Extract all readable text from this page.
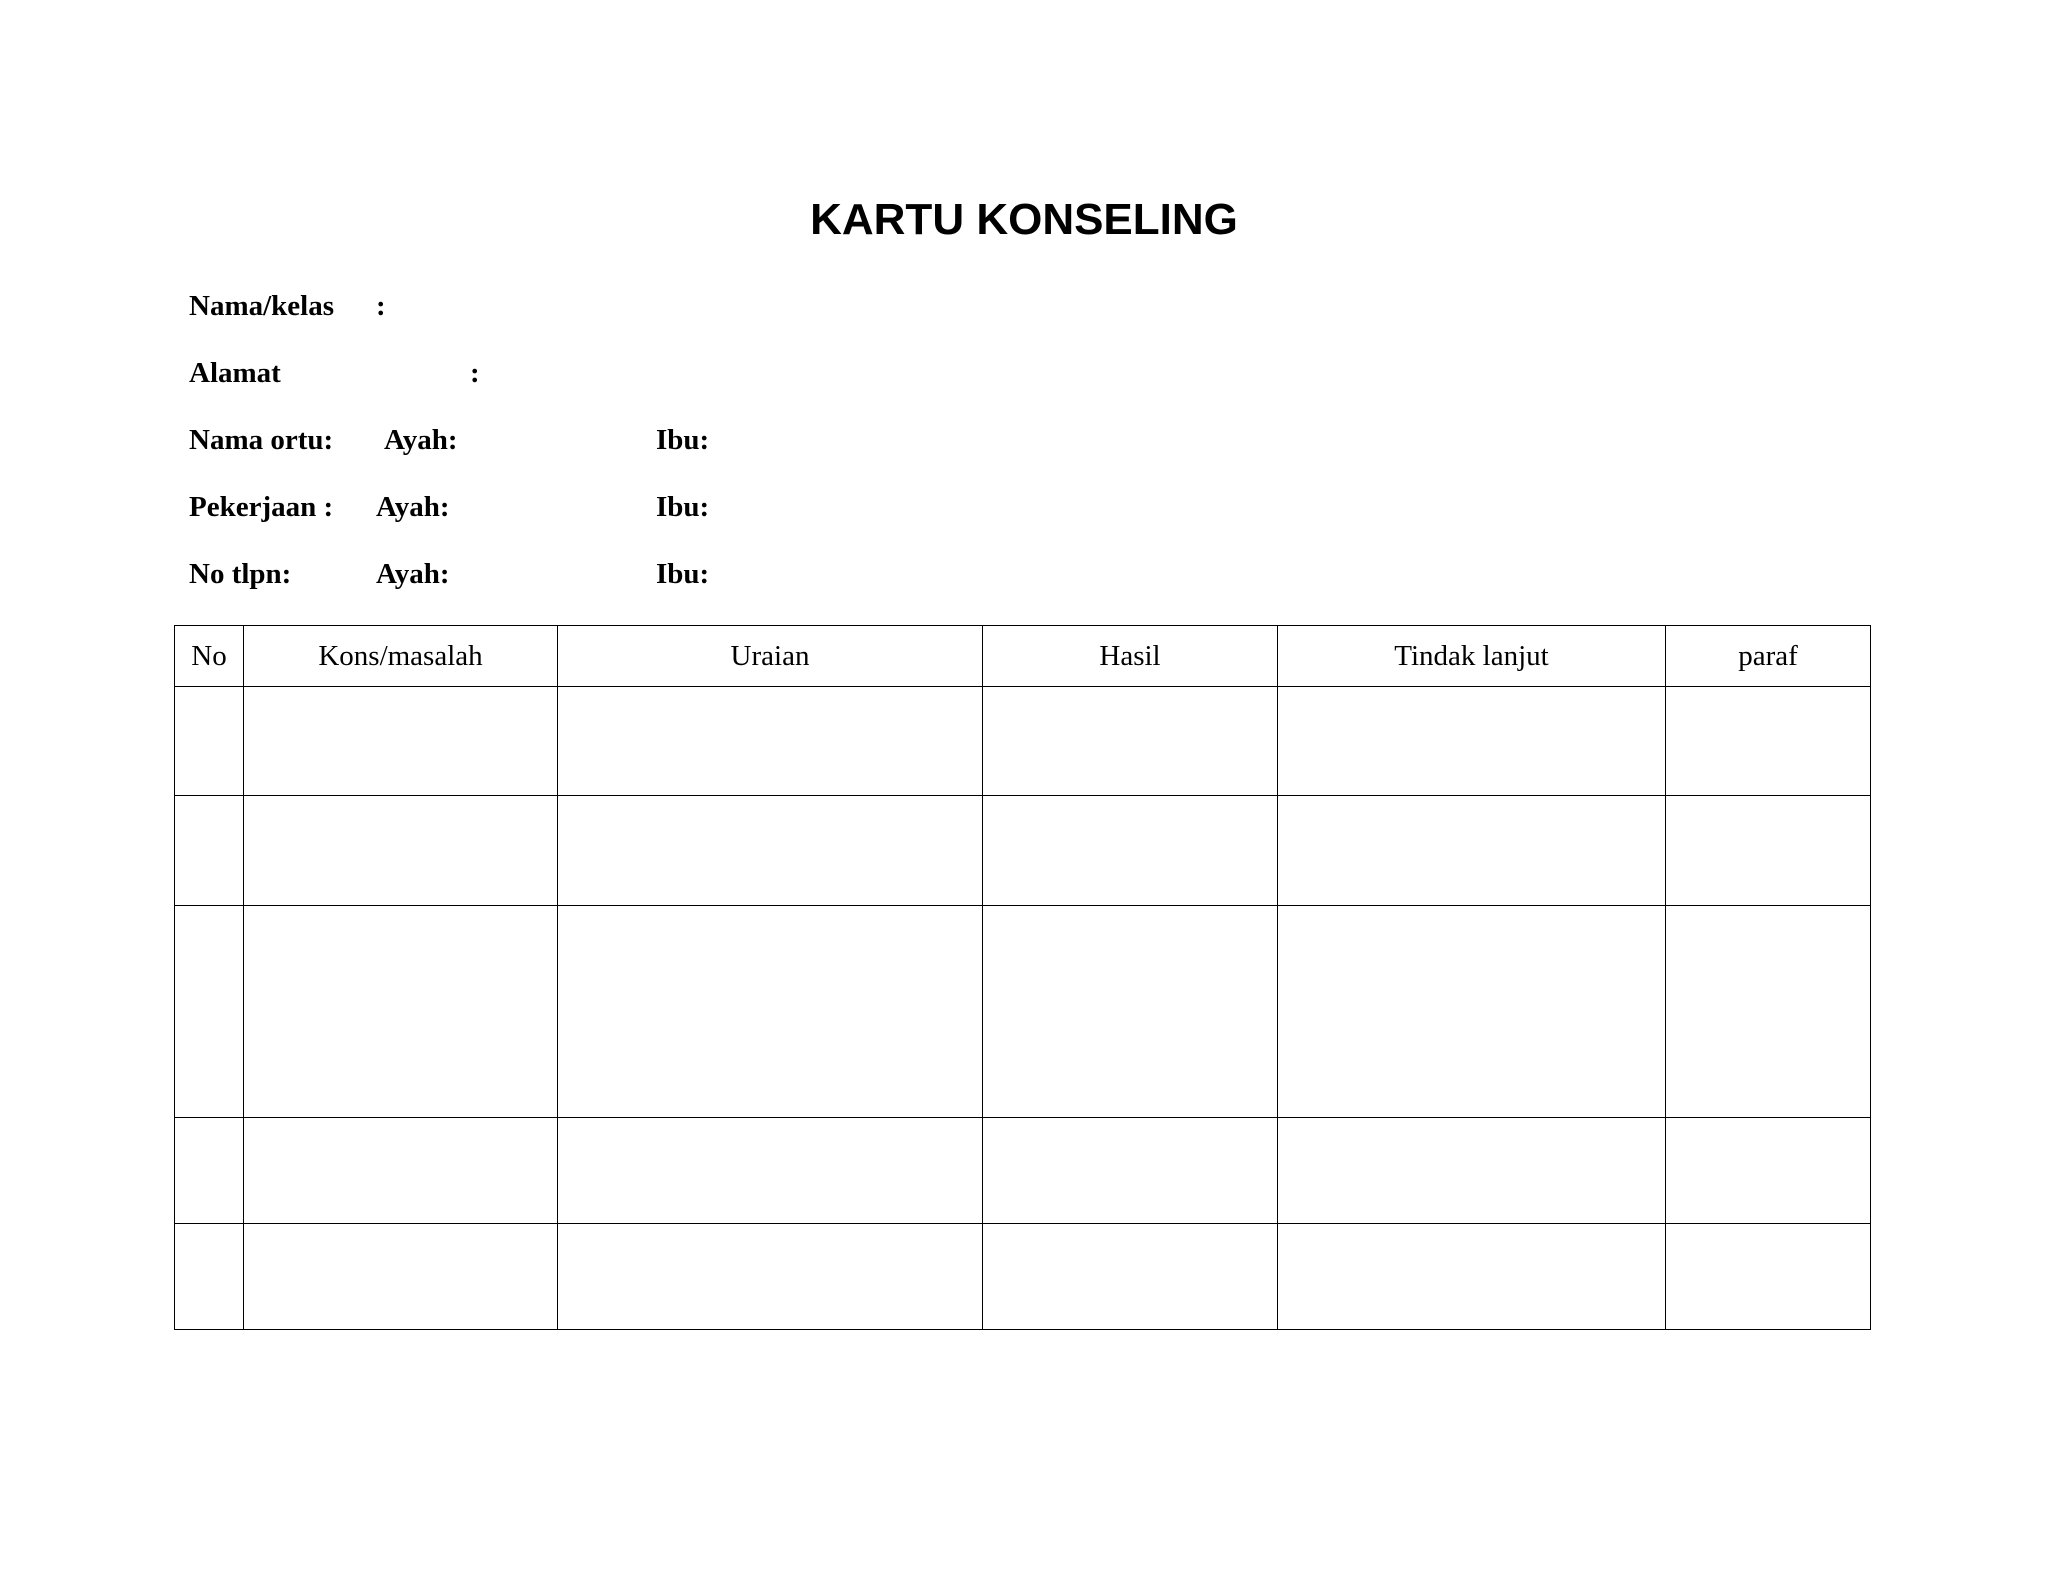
KARTU KONSELING
Nama/kelas :
Alamat	:
Nama ortu: Ayah:	Ibu:
Pekerjaan : Ayah:	Ibu:
No tlpn:	Ayah:	Ibu:
No	Kons/masalah	Uraian	Hasil	Tindak lanjut	paraf
